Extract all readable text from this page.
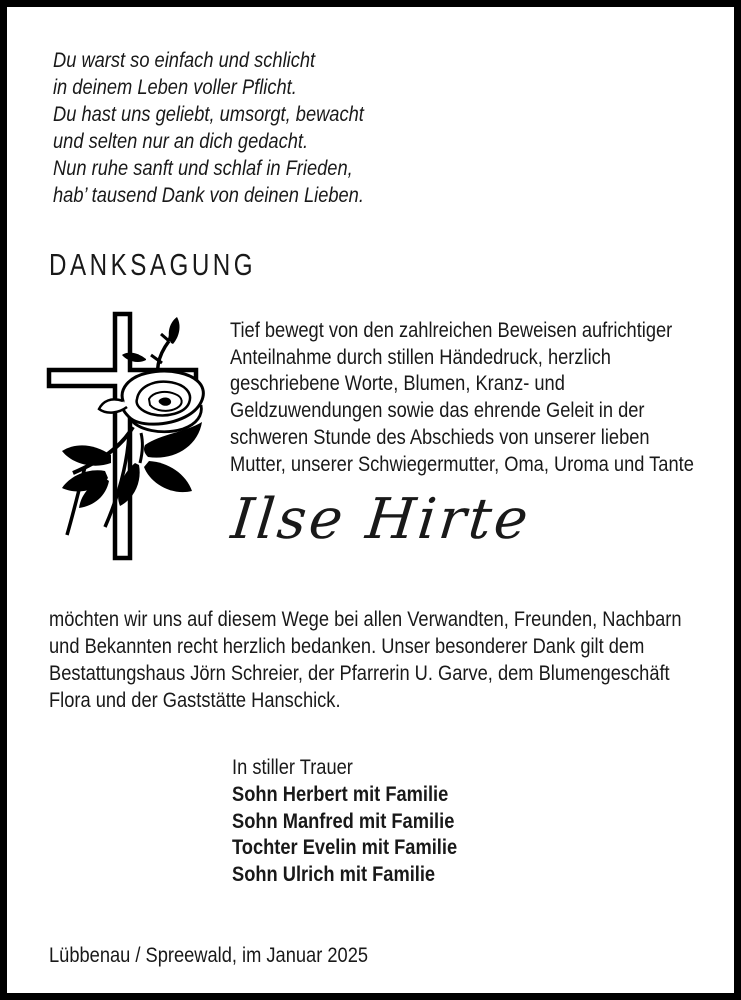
Du warst so einfach und schlicht
in deinem Leben voller Pflicht.
Du hast uns geliebt, umsorgt, bewacht
und selten nur an dich gedacht.
Nun ruhe sanft und schlaf in Frieden,
hab’ tausend Dank von deinen Lieben.
DANKSAGUNG
Tief bewegt von den zahlreichen Beweisen aufrichtiger
Anteilnahme durch stillen Händedruck, herzlich
geschriebene Worte, Blumen, Kranz- und
Geldzuwendungen sowie das ehrende Geleit in der
schweren Stunde des Abschieds von unserer lieben
Mutter, unserer Schwiegermutter, Oma, Uroma und Tante
Ilse Hirte
möchten wir uns auf diesem Wege bei allen Verwandten, Freunden, Nachbarn
und Bekannten recht herzlich bedanken. Unser besonderer Dank gilt dem
Bestattungshaus Jörn Schreier, der Pfarrerin U. Garve, dem Blumengeschäft
Flora und der Gaststätte Hanschick.
In stiller Trauer
Sohn Herbert mit Familie
Sohn Manfred mit Familie
Tochter Evelin mit Familie
Sohn Ulrich mit Familie
Lübbenau / Spreewald, im Januar 2025
